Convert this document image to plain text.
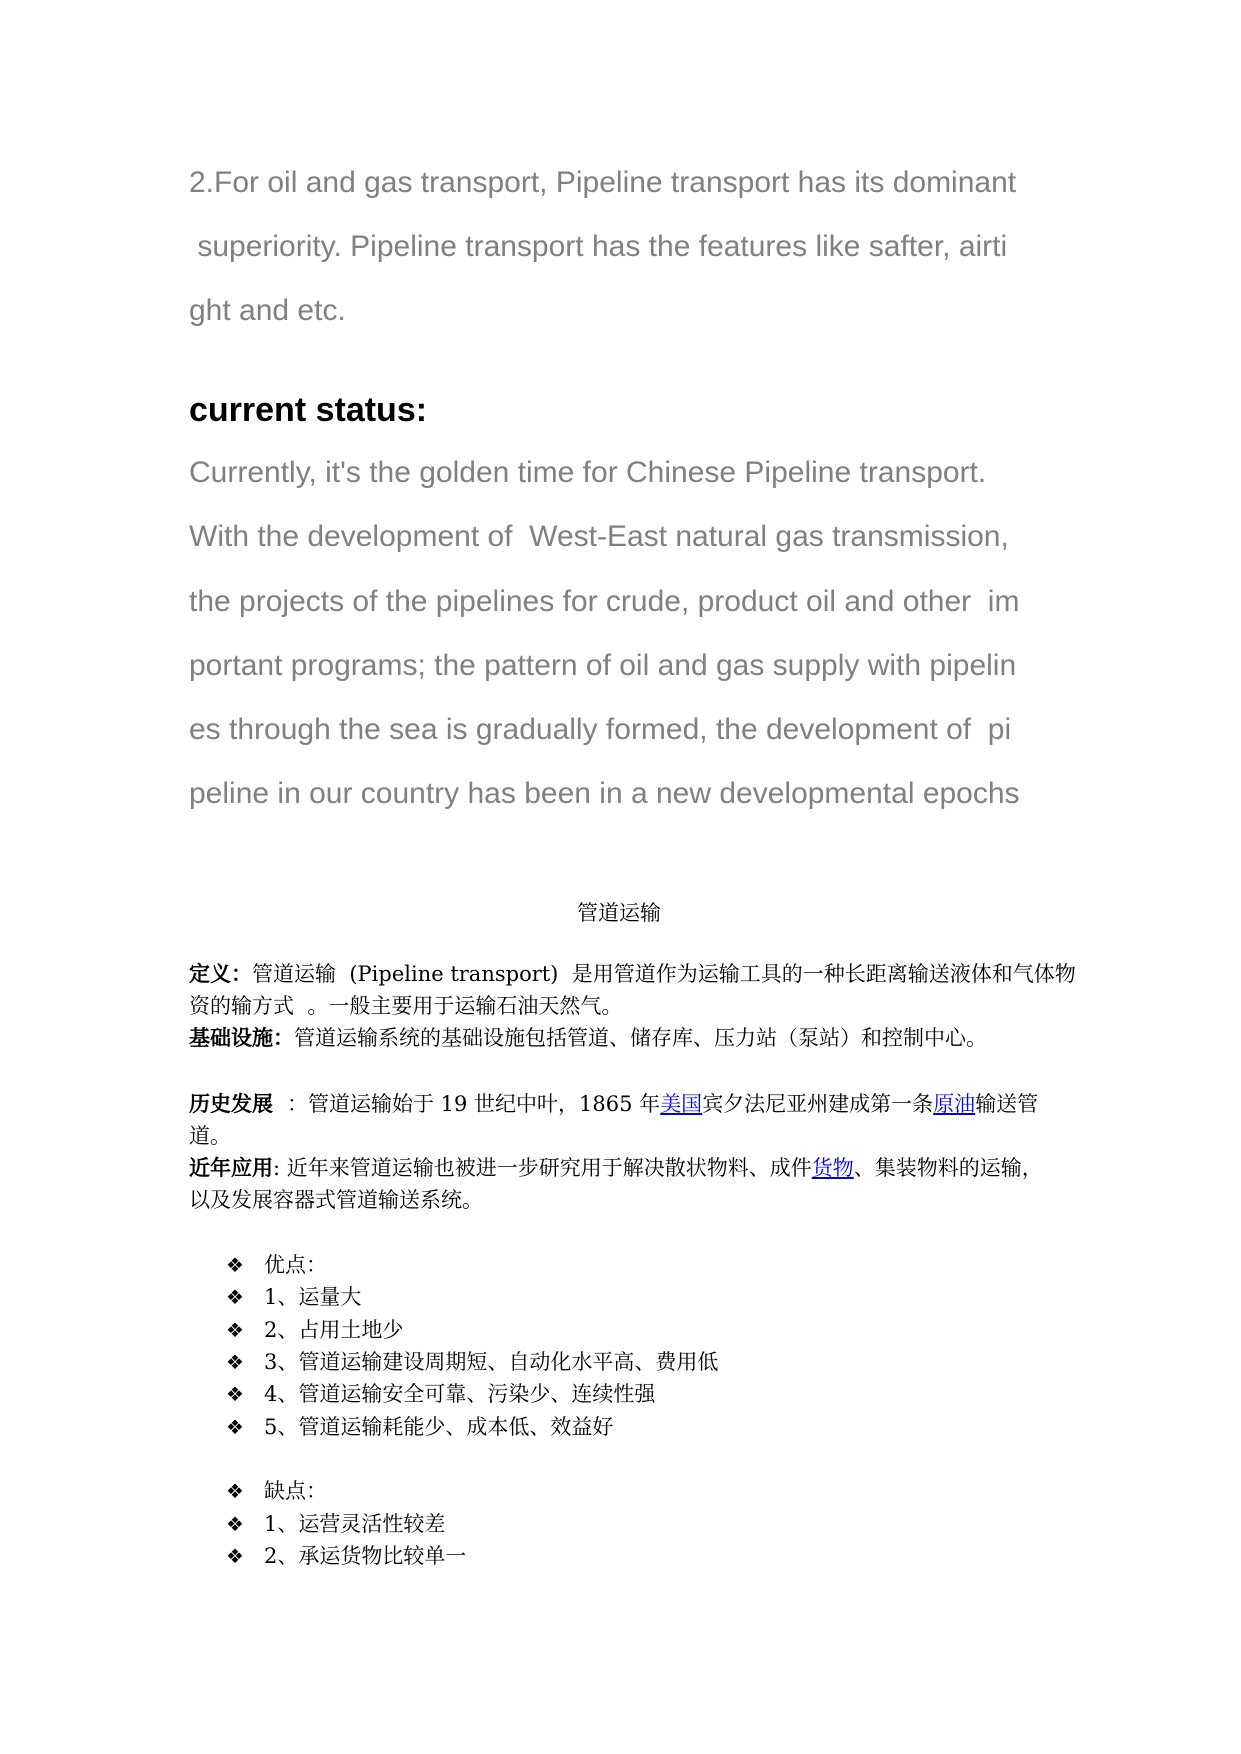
2.For oil and gas transport, Pipeline transport has its dominant
superiority. Pipeline transport has the features like safter, airti
ght and etc.
current status:
Currently, it's the golden time for Chinese Pipeline transport.
With the development of  West-East natural gas transmission,
the projects of the pipelines for crude, product oil and other  im
portant programs; the pattern of oil and gas supply with pipelin
es through the sea is gradually formed, the development of  pi
peline in our country has been in a new developmental epochs
管道运输
定义：管道运输  (Pipeline transport)  是用管道作为运输工具的一种长距离输送液体和气体物
资的输方式  。一般主要用于运输石油天然气。
基础设施：管道运输系统的基础设施包括管道、储存库、压力站（泵站）和控制中心。
历史发展  ：管道运输始于 19 世纪中叶，1865 年美国宾夕法尼亚州建成第一条原油输送管
道。
近年应用: 近年来管道运输也被进一步研究用于解决散状物料、成件货物、集装物料的运输，
以及发展容器式管道输送系统。
❖ 优点：
❖ 1、运量大
❖ 2、占用土地少
❖ 3、管道运输建设周期短、自动化水平高、费用低
❖ 4、管道运输安全可靠、污染少、连续性强
❖ 5、管道运输耗能少、成本低、效益好
❖ 缺点：
❖ 1、运营灵活性较差
❖ 2、承运货物比较单一
